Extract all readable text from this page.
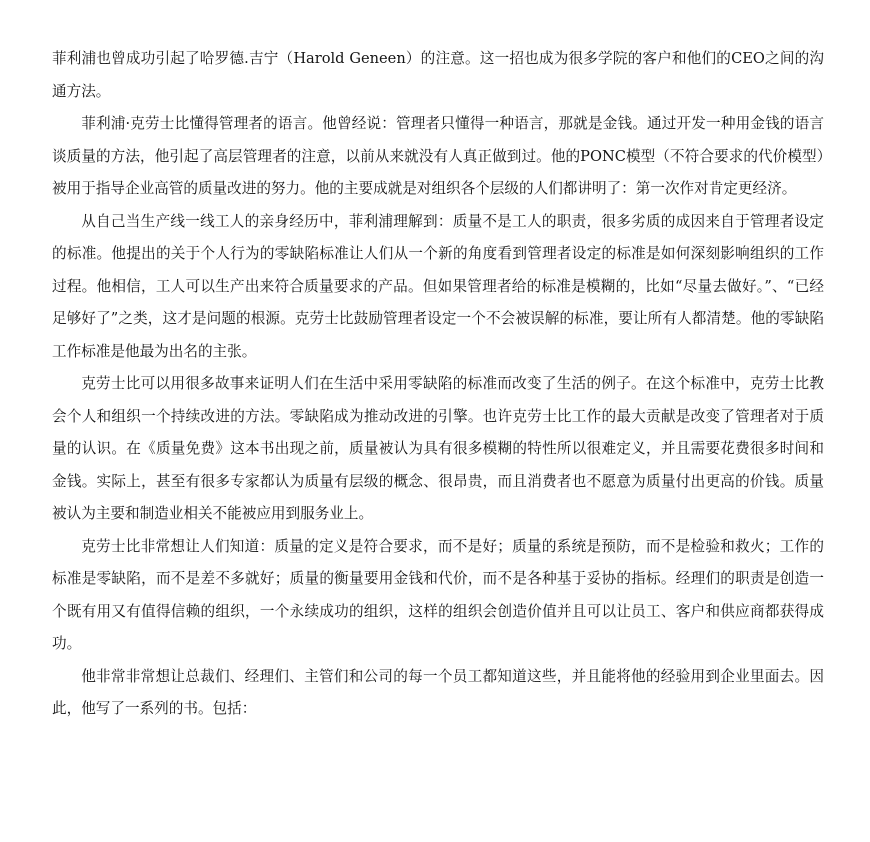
菲利浦也曾成功引起了哈罗德.吉宁（Harold Geneen）的注意。这一招也成为很多学院的客户和他们的CEO之间的沟通方法。

菲利浦·克劳士比懂得管理者的语言。他曾经说：管理者只懂得一种语言，那就是金钱。通过开发一种用金钱的语言谈质量的方法，他引起了高层管理者的注意，以前从来就没有人真正做到过。他的PONC模型（不符合要求的代价模型）被用于指导企业高管的质量改进的努力。他的主要成就是对组织各个层级的人们都讲明了：第一次作对肯定更经济。

从自己当生产线一线工人的亲身经历中，菲利浦理解到：质量不是工人的职责，很多劣质的成因来自于管理者设定的标准。他提出的关于个人行为的零缺陷标准让人们从一个新的角度看到管理者设定的标准是如何深刻影响组织的工作过程。他相信，工人可以生产出来符合质量要求的产品。但如果管理者给的标准是模糊的，比如“尽量去做好。”、“已经足够好了”之类，这才是问题的根源。克劳士比鼓励管理者设定一个不会被误解的标准，要让所有人都清楚。他的零缺陷工作标准是他最为出名的主张。

克劳士比可以用很多故事来证明人们在生活中采用零缺陷的标准而改变了生活的例子。在这个标准中，克劳士比教会个人和组织一个持续改进的方法。零缺陷成为推动改进的引擎。也许克劳士比工作的最大贡献是改变了管理者对于质量的认识。在《质量免费》这本书出现之前，质量被认为具有很多模糊的特性所以很难定义，并且需要花费很多时间和金钱。实际上，甚至有很多专家都认为质量有层级的概念、很昂贵，而且消费者也不愿意为质量付出更高的价钱。质量被认为主要和制造业相关不能被应用到服务业上。

克劳士比非常想让人们知道：质量的定义是符合要求，而不是好；质量的系统是预防，而不是检验和救火；工作的标准是零缺陷，而不是差不多就好；质量的衡量要用金钱和代价，而不是各种基于妥协的指标。经理们的职责是创造一个既有用又有值得信赖的组织，一个永续成功的组织，这样的组织会创造价值并且可以让员工、客户和供应商都获得成功。

他非常非常想让总裁们、经理们、主管们和公司的每一个员工都知道这些，并且能将他的经验用到企业里面去。因此，他写了一系列的书。包括：
